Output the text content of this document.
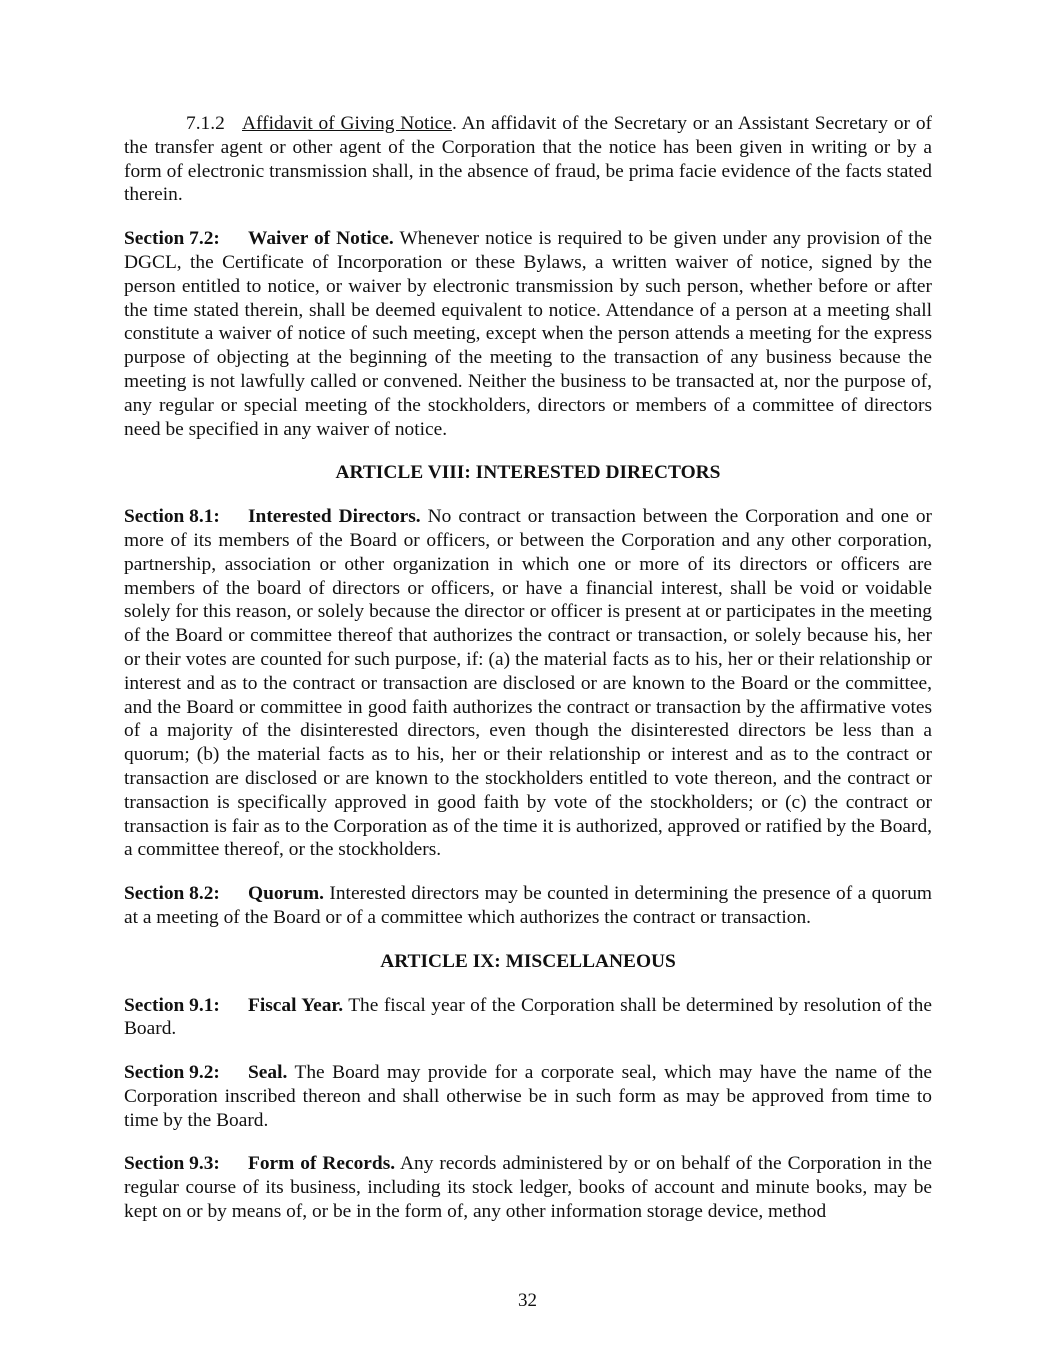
7.1.2 Affidavit of Giving Notice. An affidavit of the Secretary or an Assistant Secretary or of the transfer agent or other agent of the Corporation that the notice has been given in writing or by a form of electronic transmission shall, in the absence of fraud, be prima facie evidence of the facts stated therein.

Section 7.2: Waiver of Notice. Whenever notice is required to be given under any provision of the DGCL, the Certificate of Incorporation or these Bylaws, a written waiver of notice, signed by the person entitled to notice, or waiver by electronic transmission by such person, whether before or after the time stated therein, shall be deemed equivalent to notice. Attendance of a person at a meeting shall constitute a waiver of notice of such meeting, except when the person attends a meeting for the express purpose of objecting at the beginning of the meeting to the transaction of any business because the meeting is not lawfully called or convened. Neither the business to be transacted at, nor the purpose of, any regular or special meeting of the stockholders, directors or members of a committee of directors need be specified in any waiver of notice.

ARTICLE VIII: INTERESTED DIRECTORS

Section 8.1: Interested Directors. No contract or transaction between the Corporation and one or more of its members of the Board or officers, or between the Corporation and any other corporation, partnership, association or other organization in which one or more of its directors or officers are members of the board of directors or officers, or have a financial interest, shall be void or voidable solely for this reason, or solely because the director or officer is present at or participates in the meeting of the Board or committee thereof that authorizes the contract or transaction, or solely because his, her or their votes are counted for such purpose, if: (a) the material facts as to his, her or their relationship or interest and as to the contract or transaction are disclosed or are known to the Board or the committee, and the Board or committee in good faith authorizes the contract or transaction by the affirmative votes of a majority of the disinterested directors, even though the disinterested directors be less than a quorum; (b) the material facts as to his, her or their relationship or interest and as to the contract or transaction are disclosed or are known to the stockholders entitled to vote thereon, and the contract or transaction is specifically approved in good faith by vote of the stockholders; or (c) the contract or transaction is fair as to the Corporation as of the time it is authorized, approved or ratified by the Board, a committee thereof, or the stockholders.

Section 8.2: Quorum. Interested directors may be counted in determining the presence of a quorum at a meeting of the Board or of a committee which authorizes the contract or transaction.

ARTICLE IX: MISCELLANEOUS

Section 9.1: Fiscal Year. The fiscal year of the Corporation shall be determined by resolution of the Board.

Section 9.2: Seal. The Board may provide for a corporate seal, which may have the name of the Corporation inscribed thereon and shall otherwise be in such form as may be approved from time to time by the Board.

Section 9.3: Form of Records. Any records administered by or on behalf of the Corporation in the regular course of its business, including its stock ledger, books of account and minute books, may be kept on or by means of, or be in the form of, any other information storage device, method

32
